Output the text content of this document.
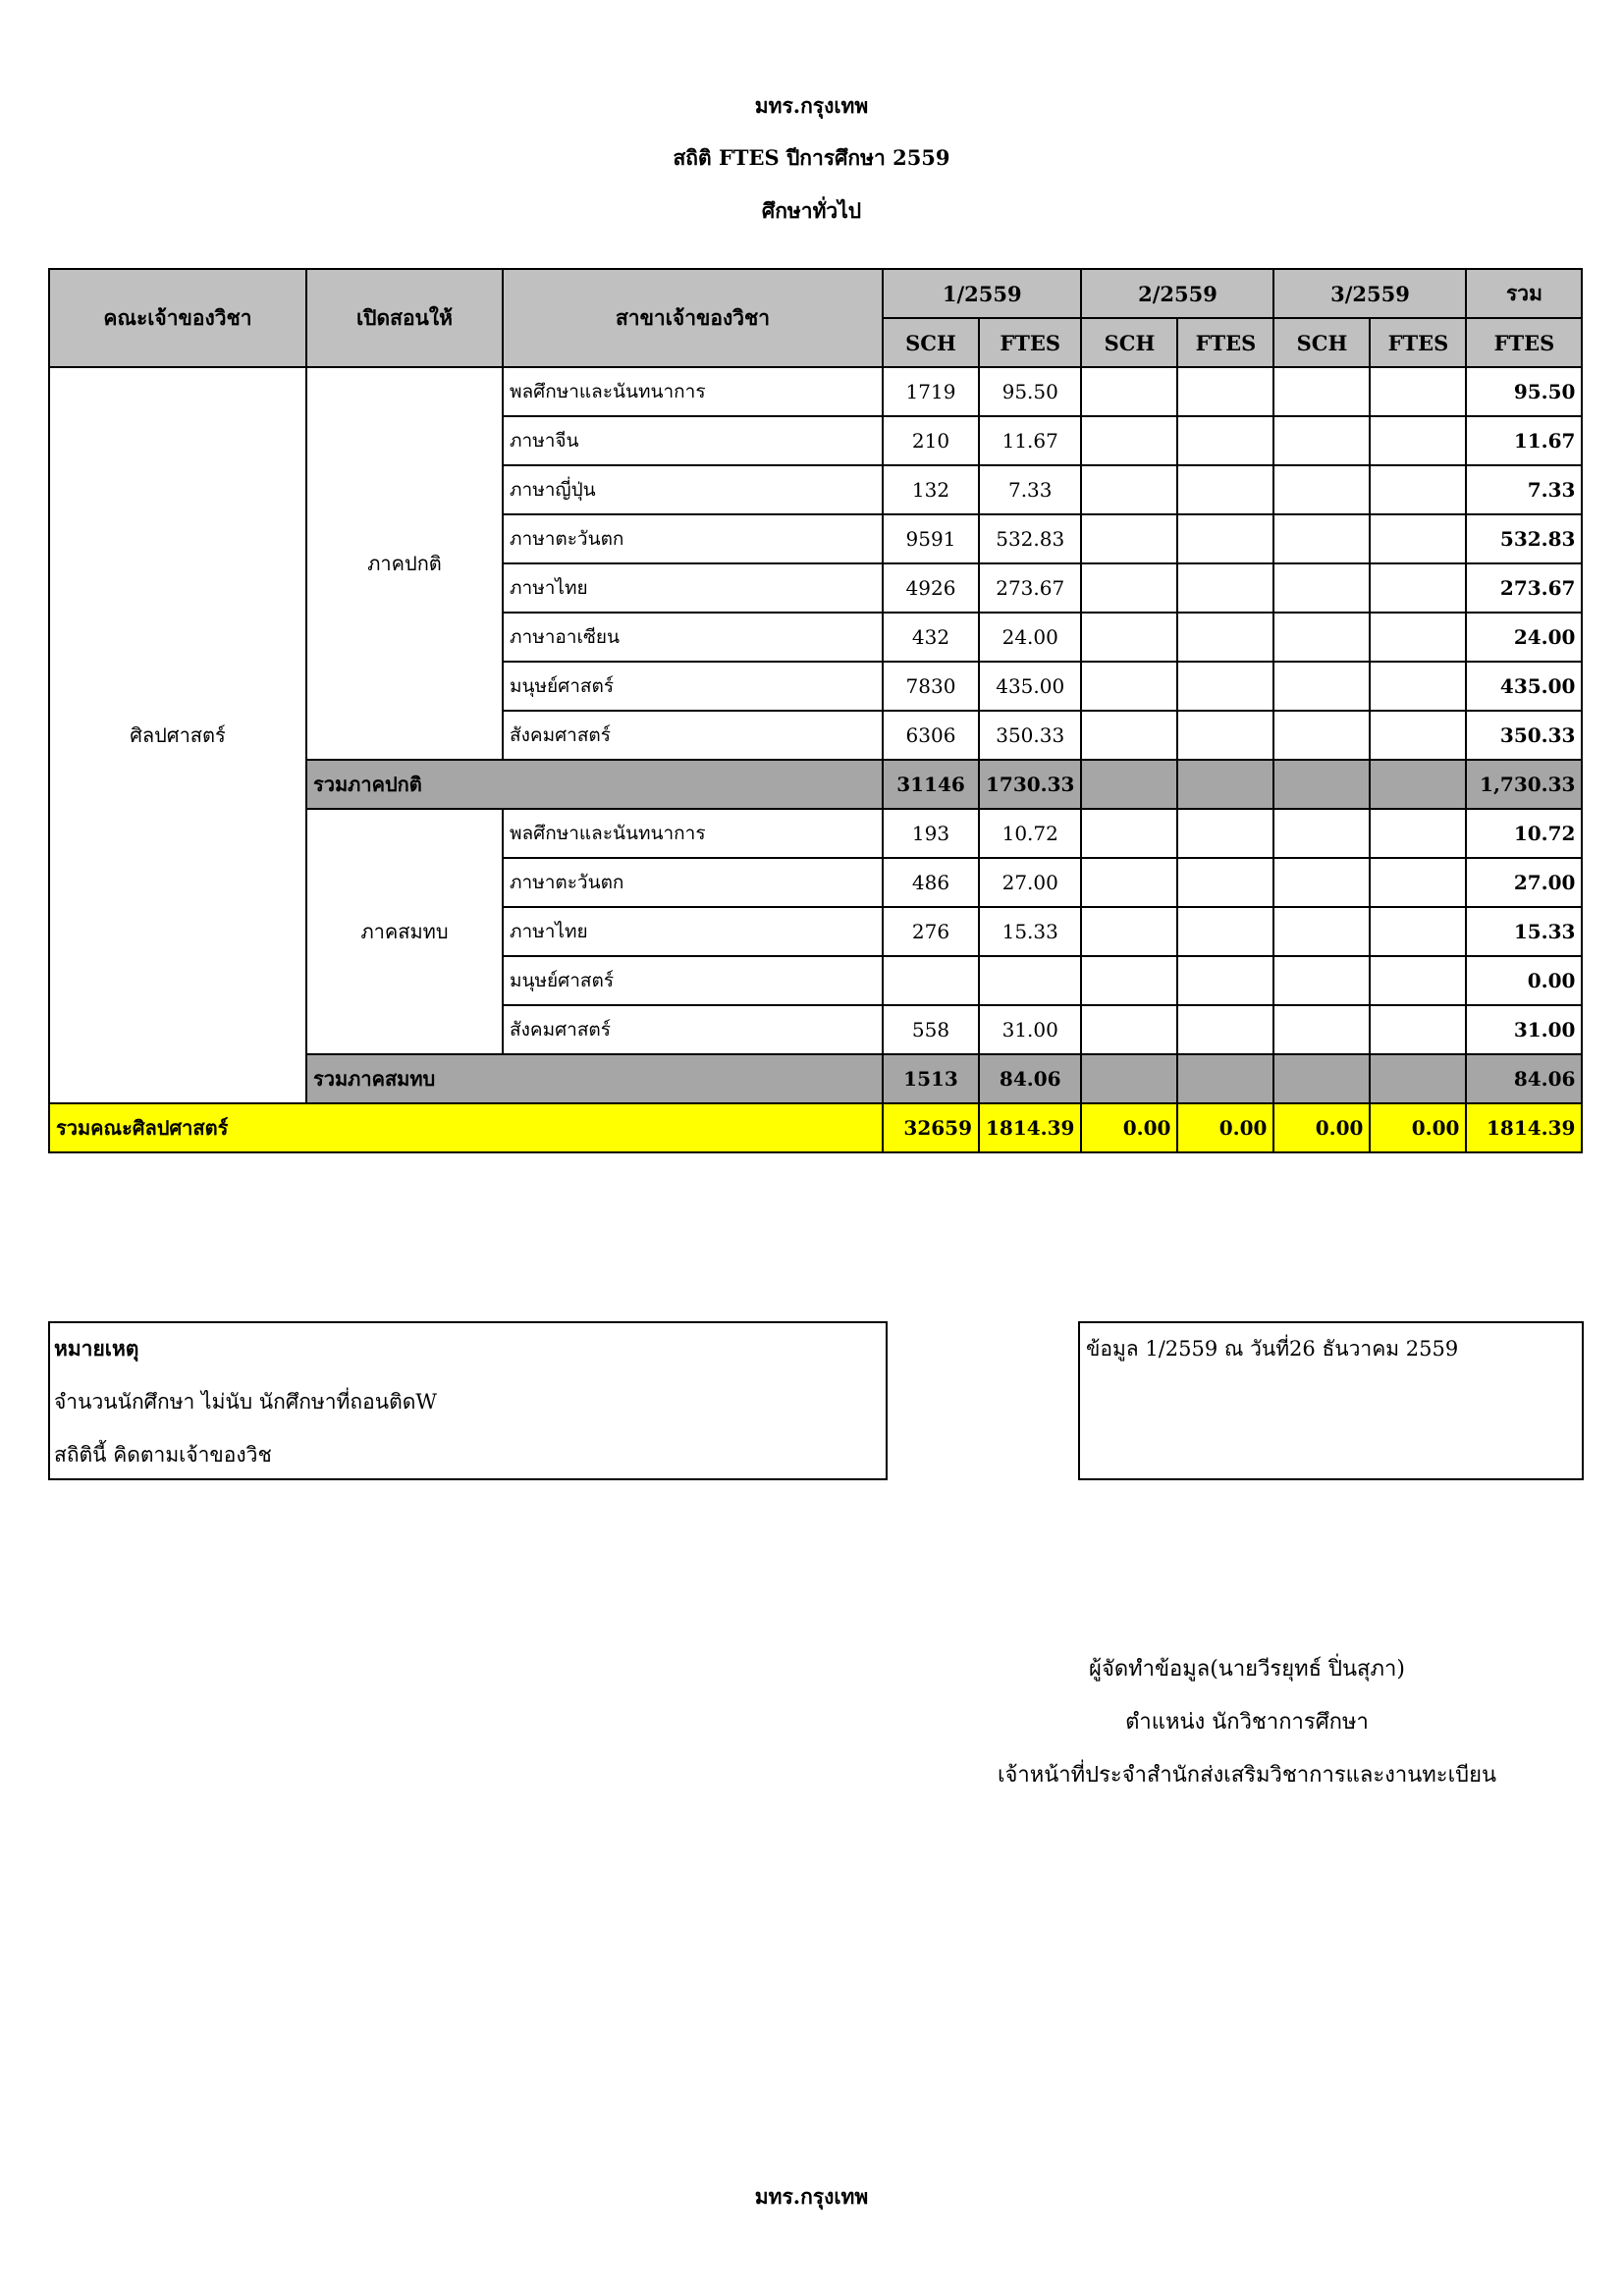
มทร.กรุงเทพ
สถิติ FTES ปีการศึกษา 2559
ศึกษาทั่วไป
คณะเจ้าของวิชา	เปิดสอนให้	สาขาเจ้าของวิชา	1/2559		2/2559		3/2559		รวม
			SCH	FTES	SCH	FTES	SCH	FTES	FTES
ศิลปศาสตร์	ภาคปกติ	พลศึกษาและนันทนาการ	1719	95.50					95.50
		ภาษาจีน	210	11.67					11.67
		ภาษาญี่ปุ่น	132	7.33					7.33
		ภาษาตะวันตก	9591	532.83					532.83
		ภาษาไทย	4926	273.67					273.67
		ภาษาอาเซียน	432	24.00					24.00
		มนุษย์ศาสตร์	7830	435.00					435.00
		สังคมศาสตร์	6306	350.33					350.33
	รวมภาคปกติ		31146	1730.33					1,730.33
	ภาคสมทบ	พลศึกษาและนันทนาการ	193	10.72					10.72
		ภาษาตะวันตก	486	27.00					27.00
		ภาษาไทย	276	15.33					15.33
		มนุษย์ศาสตร์							0.00
		สังคมศาสตร์	558	31.00					31.00
	รวมภาคสมทบ		1513	84.06					84.06
รวมคณะศิลปศาสตร์			32659	1814.39	0.00	0.00	0.00	0.00	1814.39
หมายเหตุ
จำนวนนักศึกษา ไม่นับ นักศึกษาที่ถอนติดW
สถิตินี้ คิดตามเจ้าของวิช
ข้อมูล 1/2559 ณ วันที่26 ธันวาคม 2559
ผู้จัดทำข้อมูล(นายวีรยุทธ์ ปิ่นสุภา)
ตำแหน่ง นักวิชาการศึกษา
เจ้าหน้าที่ประจำสำนักส่งเสริมวิชาการและงานทะเบียน
มทร.กรุงเทพ
